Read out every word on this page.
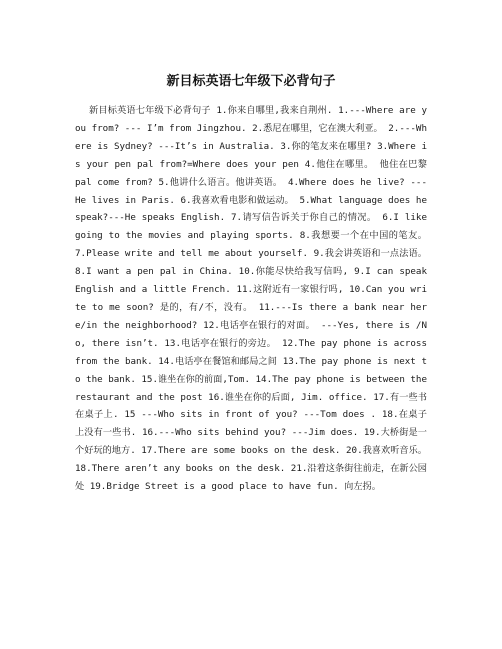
新目标英语七年级下必背句子

新目标英语七年级下必背句子 1.你来自哪里,我来自荆州. 1.---Where are you from? --- I’m from Jingzhou. 2.悉尼在哪里，它在澳大利亚。 2.---Where is Sydney? ---It’s in Australia. 3.你的笔友来在哪里? 3.Where is your pen pal from?=Where does your pen 4.他住在哪里。 他住在巴黎 pal come from? 5.他讲什么语言。他讲英语。 4.Where does he live? ---He lives in Paris. 6.我喜欢看电影和做运动。 5.What language does he speak?---He speaks English. 7.请写信告诉关于你自己的情况。 6.I like going to the movies and playing sports. 8.我想要一个在中国的笔友。 7.Please write and tell me about yourself. 9.我会讲英语和一点法语。 8.I want a pen pal in China. 10.你能尽快给我写信吗, 9.I can speak English and a little French. 11.这附近有一家银行吗, 10.Can you write to me soon? 是的，有/不，没有。 11.---Is there a bank near here/in the neighborhood? 12.电话亭在银行的对面。 ---Yes, there is /No, there isn’t. 13.电话亭在银行的旁边。 12.The pay phone is across from the bank. 14.电话亭在餐馆和邮局之间 13.The pay phone is next to the bank. 15.谁坐在你的前面,Tom. 14.The pay phone is between the restaurant and the post 16.谁坐在你的后面, Jim. office. 17.有一些书在桌子上. 15 ---Who sits in front of you? ---Tom does . 18.在桌子上没有一些书. 16.---Who sits behind you? ---Jim does. 19.大桥街是一个好玩的地方. 17.There are some books on the desk. 20.我喜欢听音乐。 18.There aren’t any books on the desk. 21.沿着这条街往前走，在新公园处 19.Bridge Street is a good place to have fun. 向左拐。
